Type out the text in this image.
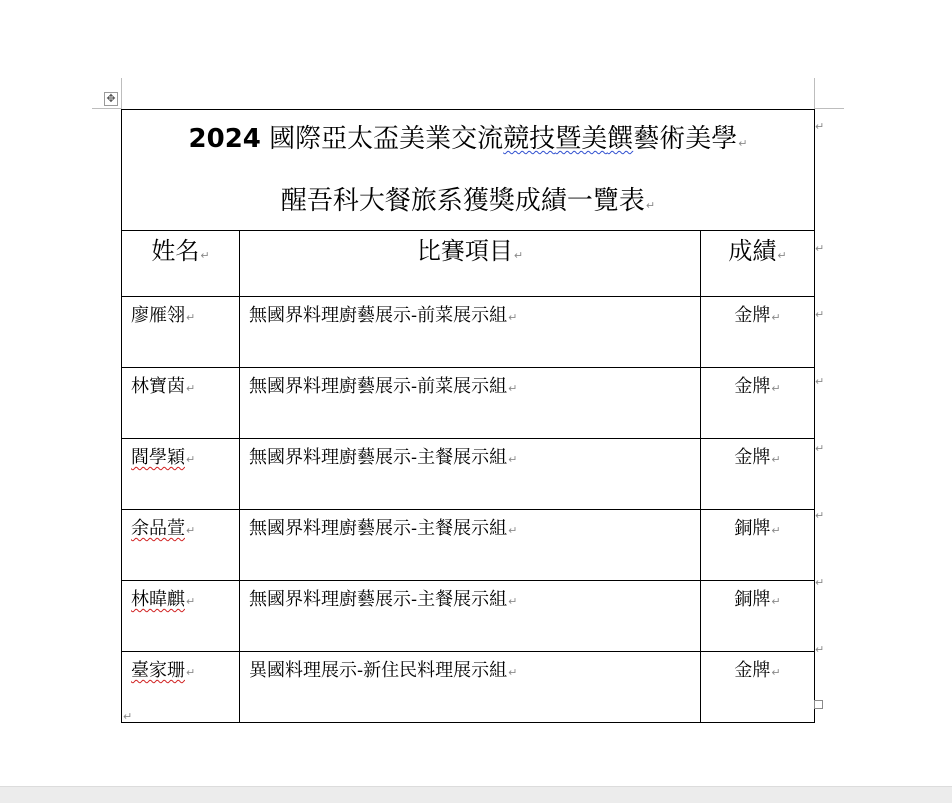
✥
2024 國際亞太盃美業交流競技暨美饌藝術美學↵
醒吾科大餐旅系獲獎成績一覽表↵		

姓名↵	比賽項目↵	成績↵
廖雁翎↵	無國界料理廚藝展示-前菜展示組↵	金牌↵
林寶茵↵	無國界料理廚藝展示-前菜展示組↵	金牌↵
閻學穎↵	無國界料理廚藝展示-主餐展示組↵	金牌↵
余品萱↵	無國界料理廚藝展示-主餐展示組↵	銅牌↵
林暐麒↵	無國界料理廚藝展示-主餐展示組↵	銅牌↵
臺家珊↵	異國料理展示-新住民料理展示組↵	金牌↵
↵
↵
↵
↵
↵
↵
↵
↵
↵
